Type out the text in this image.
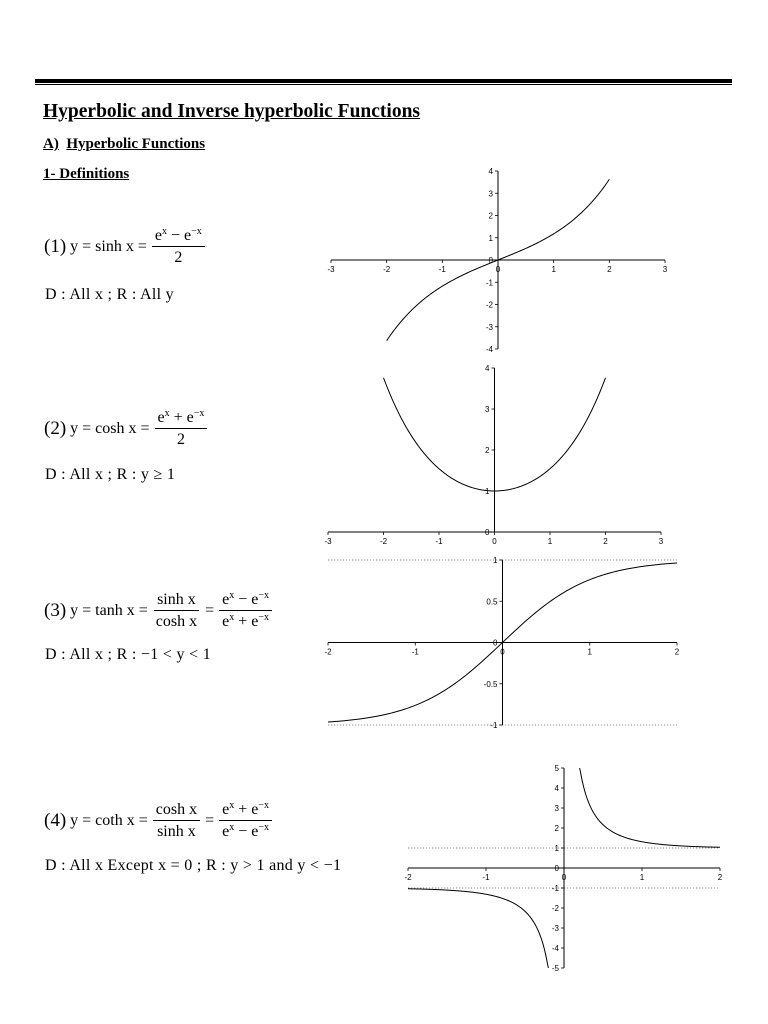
Hyperbolic and Inverse hyperbolic Functions
A) Hyperbolic Functions
1- Definitions
(1) $y = \sinh x = \frac{e^x - e^{-x}}{2}$
D : All x ; R : All y
(2) $y = \cosh x = \frac{e^x + e^{-x}}{2}$
D : All x ; R : y ≥ 1
(3) $y = \tanh x = \frac{\text{sinh x}}{\text{cosh x}} = \frac{e^x - e^{-x}}{e^x + e^{-x}}$
D : All x ; R : −1 < y < 1
(4) y = coth $x = \frac{\text{cosh x}}{\text{sinh x}} = \frac{e^x + e^{-x}}{e^x - e^{-x}}$
D : All x Except x = 0 ; R : y > 1 and y < −1
-3	-2	-1	0	1	2	3
4
3
2
1
0
-1
-2
-3
-4
-3	-2	-1	0	1	2	3
4
3
2
1
0
-2	-1	0	1	2
1
0.5
0
-0.5
-1
-2	-1	0	1	2
5
4
3
2
1
0
-1
-2
-3
-4
-5
